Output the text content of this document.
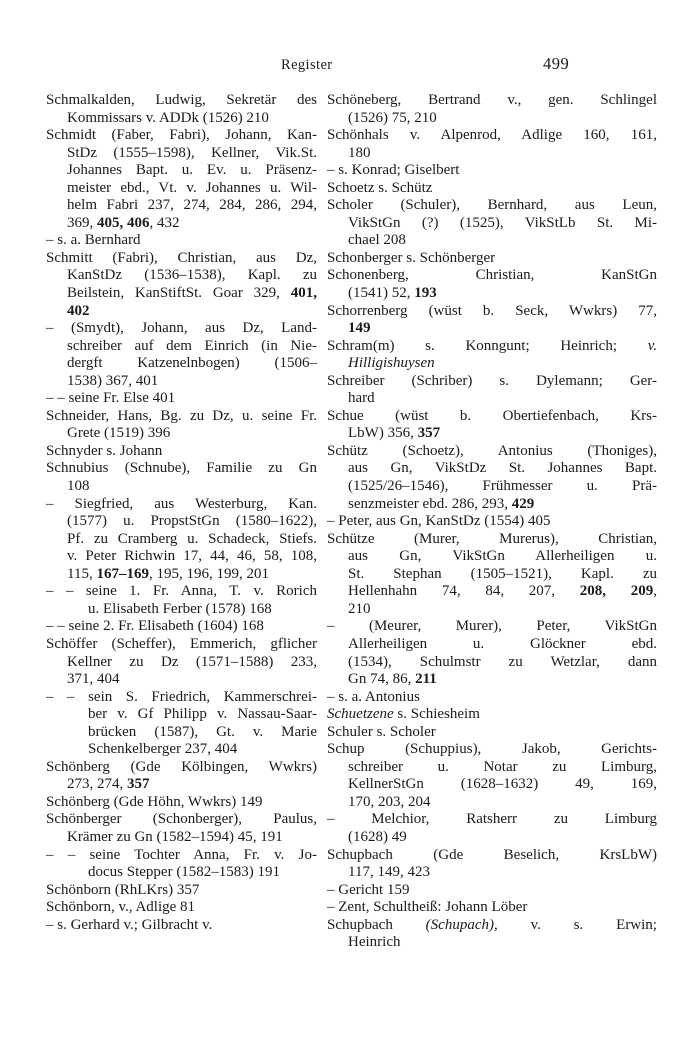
Register	499
Schmalkalden, Ludwig, Sekretär des
Kommissars v. ADDk (1526) 210
Schmidt (Faber, Fabri), Johann, Kan-
StDz (1555–1598), Kellner, Vik.St.
Johannes Bapt. u. Ev. u. Präsenz-
meister ebd., Vt. v. Johannes u. Wil-
helm Fabri 237, 274, 284, 286, 294,
369, 405, 406, 432
– s. a. Bernhard
Schmitt (Fabri), Christian, aus Dz,
KanStDz (1536–1538), Kapl. zu
Beilstein, KanStiftSt. Goar 329, 401,
402
– (Smydt), Johann, aus Dz, Land-
schreiber auf dem Einrich (in Nie-
dergft Katzenelnbogen) (1506–
1538) 367, 401
– – seine Fr. Else 401
Schneider, Hans, Bg. zu Dz, u. seine Fr.
Grete (1519) 396
Schnyder s. Johann
Schnubius (Schnube), Familie zu Gn
108
– Siegfried, aus Westerburg, Kan.
(1577) u. PropstStGn (1580–1622),
Pf. zu Cramberg u. Schadeck, Stiefs.
v. Peter Richwin 17, 44, 46, 58, 108,
115, 167–169, 195, 196, 199, 201
– – seine 1. Fr. Anna, T. v. Rorich
u. Elisabeth Ferber (1578) 168
– – seine 2. Fr. Elisabeth (1604) 168
Schöffer (Scheffer), Emmerich, gflicher
Kellner zu Dz (1571–1588) 233,
371, 404
– – sein S. Friedrich, Kammerschrei-
ber v. Gf Philipp v. Nassau-Saar-
brücken (1587), Gt. v. Marie
Schenkelberger 237, 404
Schönberg (Gde Kölbingen, Wwkrs)
273, 274, 357
Schönberg (Gde Höhn, Wwkrs) 149
Schönberger (Schonberger), Paulus,
Krämer zu Gn (1582–1594) 45, 191
– – seine Tochter Anna, Fr. v. Jo-
docus Stepper (1582–1583) 191
Schönborn (RhLKrs) 357
Schönborn, v., Adlige 81
– s. Gerhard v.; Gilbracht v.
Schöneberg, Bertrand v., gen. Schlingel
(1526) 75, 210
Schönhals v. Alpenrod, Adlige 160, 161,
180
– s. Konrad; Giselbert
Schoetz s. Schütz
Scholer (Schuler), Bernhard, aus Leun,
VikStGn (?) (1525), VikStLb St. Mi-
chael 208
Schonberger s. Schönberger
Schonenberg, Christian, KanStGn
(1541) 52, 193
Schorrenberg (wüst b. Seck, Wwkrs) 77,
149
Schram(m) s. Konngunt; Heinrich; v.
Hilligishuysen
Schreiber (Schriber) s. Dylemann; Ger-
hard
Schue (wüst b. Obertiefenbach, Krs-
LbW) 356, 357
Schütz (Schoetz), Antonius (Thoniges),
aus Gn, VikStDz St. Johannes Bapt.
(1525/26–1546), Frühmesser u. Prä-
senzmeister ebd. 286, 293, 429
– Peter, aus Gn, KanStDz (1554) 405
Schütze (Murer, Murerus), Christian,
aus Gn, VikStGn Allerheiligen u.
St. Stephan (1505–1521), Kapl. zu
Hellenhahn 74, 84, 207, 208, 209,
210
– (Meurer, Murer), Peter, VikStGn
Allerheiligen u. Glöckner ebd.
(1534), Schulmstr zu Wetzlar, dann
Gn 74, 86, 211
– s. a. Antonius
Schuetzene s. Schiesheim
Schuler s. Scholer
Schup (Schuppius), Jakob, Gerichts-
schreiber u. Notar zu Limburg,
KellnerStGn (1628–1632) 49, 169,
170, 203, 204
– Melchior, Ratsherr zu Limburg
(1628) 49
Schupbach (Gde Beselich, KrsLbW)
117, 149, 423
– Gericht 159
– Zent, Schultheiß: Johann Löber
Schupbach (Schupach), v. s. Erwin;
Heinrich
